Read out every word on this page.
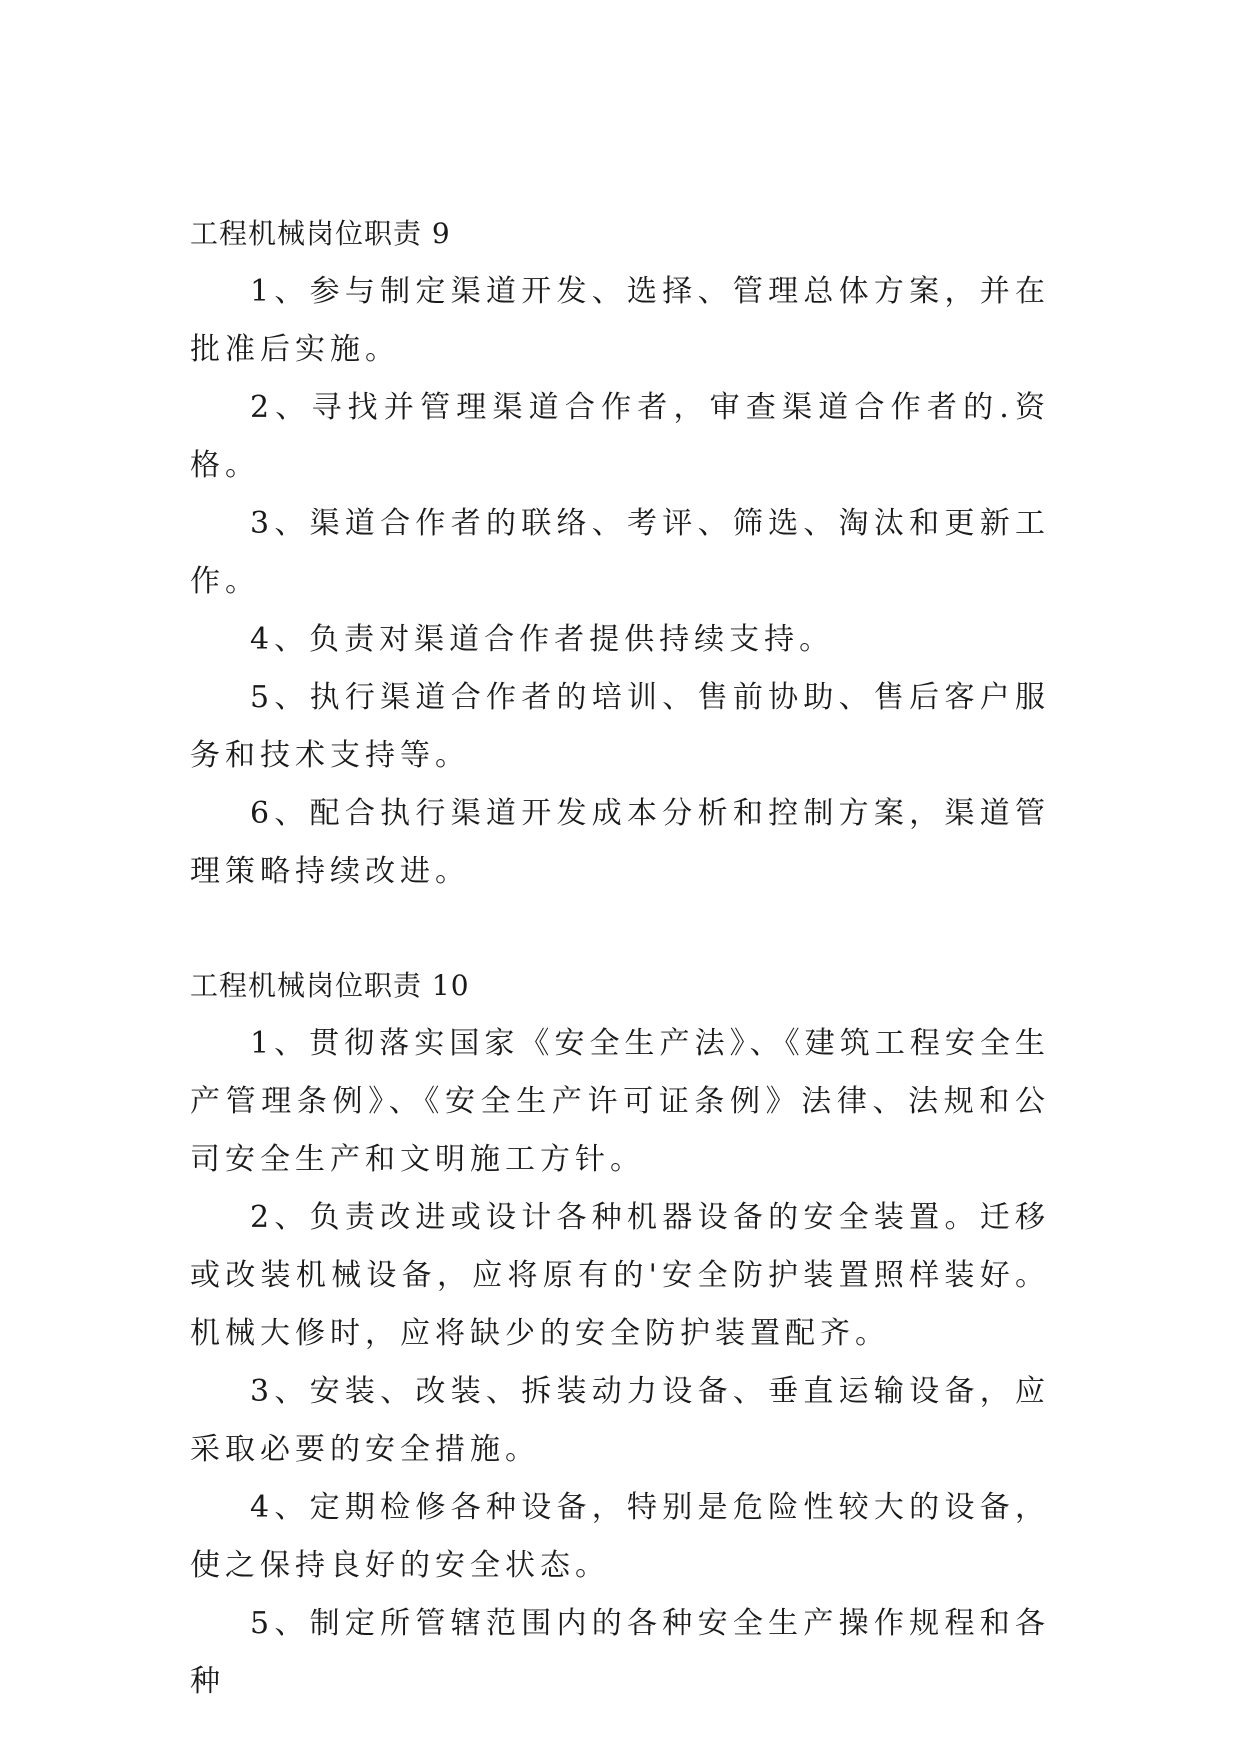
工程机械岗位职责 9

1、参与制定渠道开发、选择、管理总体方案，并在批准后实施。

2、寻找并管理渠道合作者，审查渠道合作者的.资格。

3、渠道合作者的联络、考评、筛选、淘汰和更新工作。

4、负责对渠道合作者提供持续支持。

5、执行渠道合作者的培训、售前协助、售后客户服务和技术支持等。

6、配合执行渠道开发成本分析和控制方案，渠道管理策略持续改进。

工程机械岗位职责 10

1、贯彻落实国家《安全生产法》、《建筑工程安全生产管理条例》、《安全生产许可证条例》法律、法规和公司安全生产和文明施工方针。

2、负责改进或设计各种机器设备的安全装置。迁移或改装机械设备，应将原有的'安全防护装置照样装好。机械大修时，应将缺少的安全防护装置配齐。

3、安装、改装、拆装动力设备、垂直运输设备，应采取必要的安全措施。

4、定期检修各种设备，特别是危险性较大的设备，使之保持良好的安全状态。

5、制定所管辖范围内的各种安全生产操作规程和各种
